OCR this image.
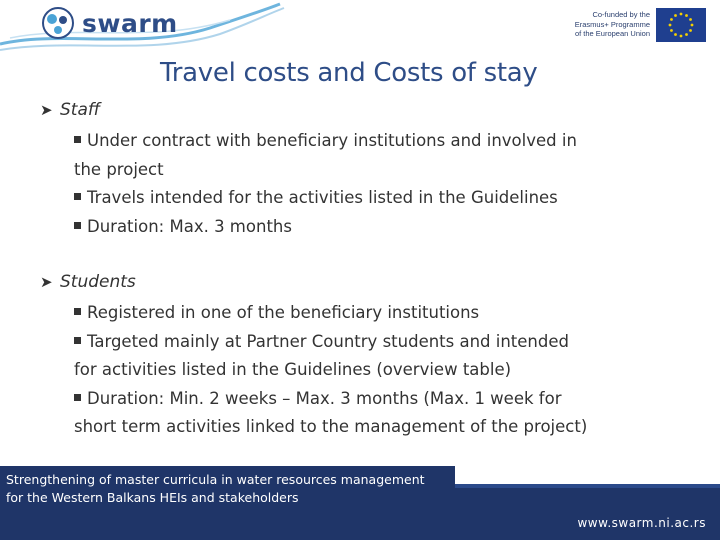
swarm	Co-funded by the
Erasmus+ Programme
of the European Union
Travel costs and Costs of stay
➤ Staff
Under contract with beneficiary institutions and involved in
the project
Travels intended for the activities listed in the Guidelines
Duration: Max. 3 months
➤ Students
Registered in one of the beneficiary institutions
Targeted mainly at Partner Country students and intended
for activities listed in the Guidelines (overview table)
Duration: Min. 2 weeks – Max. 3 months (Max. 1 week for
short term activities linked to the management of the project)
Strengthening of master curricula in water resources management
for the Western Balkans HEIs and stakeholders
www.swarm.ni.ac.rs
